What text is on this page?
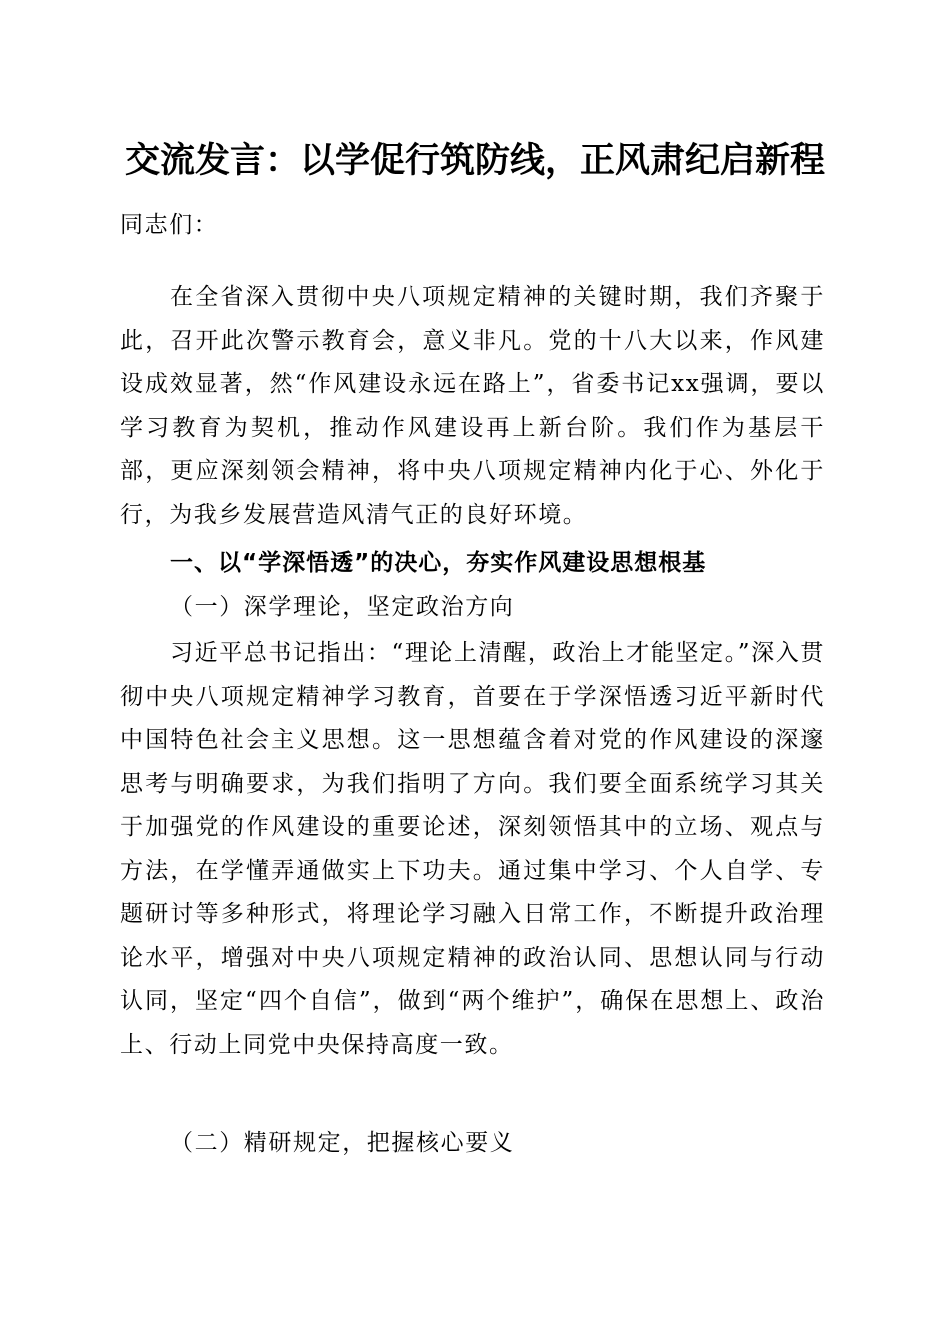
交流发言：以学促行筑防线，正风肃纪启新程
同志们：
在全省深入贯彻中央八项规定精神的关键时期，我们齐聚于此，召开此次警示教育会，意义非凡。党的十八大以来，作风建设成效显著，然“作风建设永远在路上”，省委书记xx强调，要以学习教育为契机，推动作风建设再上新台阶。我们作为基层干部，更应深刻领会精神，将中央八项规定精神内化于心、外化于行，为我乡发展营造风清气正的良好环境。
一、以“学深悟透”的决心，夯实作风建设思想根基
（一）深学理论，坚定政治方向
习近平总书记指出：“理论上清醒，政治上才能坚定。”深入贯彻中央八项规定精神学习教育，首要在于学深悟透习近平新时代中国特色社会主义思想。这一思想蕴含着对党的作风建设的深邃思考与明确要求，为我们指明了方向。我们要全面系统学习其关于加强党的作风建设的重要论述，深刻领悟其中的立场、观点与方法，在学懂弄通做实上下功夫。通过集中学习、个人自学、专题研讨等多种形式，将理论学习融入日常工作，不断提升政治理论水平，增强对中央八项规定精神的政治认同、思想认同与行动认同，坚定“四个自信”，做到“两个维护”，确保在思想上、政治上、行动上同党中央保持高度一致。
（二）精研规定，把握核心要义
